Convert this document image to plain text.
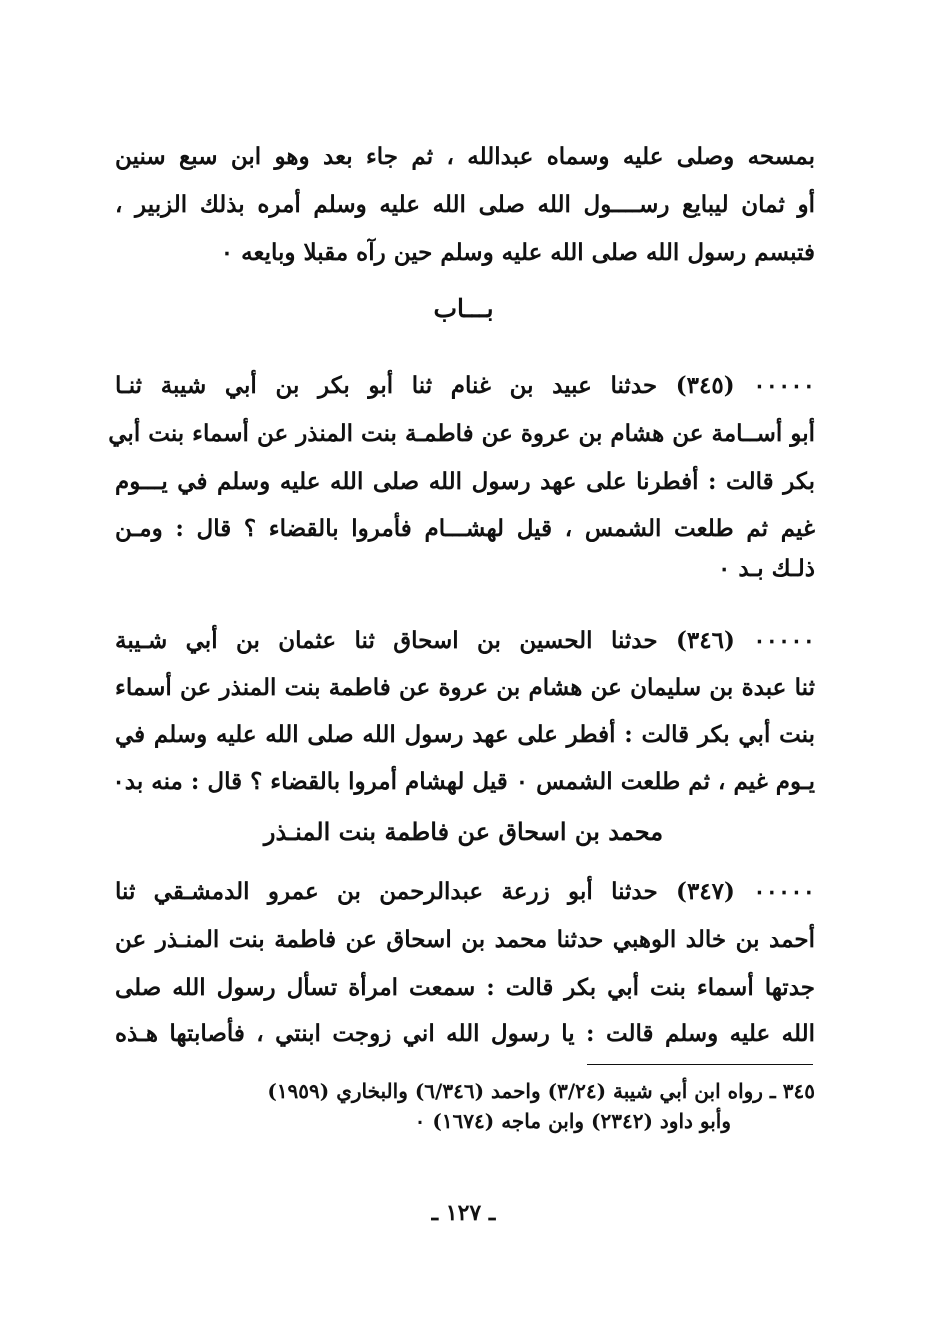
بمسحه وصلى عليه وسماه عبدالله ، ثم جاء بعد وهو ابن سبع سنين
أو ثمان ليبايع رســــول الله صلى الله عليه وسلم أمره بذلك الزبير ،
فتبسم رسول الله صلى الله عليه وسلم حين رآه مقبلا وبايعه ٠
بـــاب
٠٠٠٠٠ (٣٤٥) حدثنا عبيد بن غنام ثنا أبو بكر بن أبي شيبة ثنـا
أبو أســامة عن هشام بن عروة عن فاطمـة بنت المنذر عن أسماء بنت أبي
بكر قالت : أفطرنا على عهد رسول الله صلى الله عليه وسلم في يـــوم
غيم ثم طلعت الشمس ، قيل لهشـــام فأمروا بالقضاء ؟ قال : ومـن
ذلـك بـد ٠
٠٠٠٠٠ (٣٤٦) حدثنا الحسين بن اسحاق ثنا عثمان بن أبي شـيبة
ثنا عبدة بن سليمان عن هشام بن عروة عن فاطمة بنت المنذر عن أسماء
بنت أبي بكر قالت : أفطر على عهد رسول الله صلى الله عليه وسلم في
يـوم غيم ، ثم طلعت الشمس ٠ قيل لهشام أمروا بالقضاء ؟ قال : منه بد٠
محمد بن اسحاق عن فاطمة بنت المنـذر
٠٠٠٠٠ (٣٤٧) حدثنا أبو زرعة عبدالرحمن بن عمرو الدمشـقي ثنا
أحمد بن خالد الوهبي حدثنا محمد بن اسحاق عن فاطمة بنت المنـذر عن
جدتها أسماء بنت أبي بكر قالت : سمعت امرأة تسأل رسول الله صلى
الله عليه وسلم قالت : يا رسول الله اني زوجت ابنتي ، فأصابتها هـذه
٣٤٥ ـ رواه ابن أبي شيبة (٣/٢٤) واحمد (٦/٣٤٦) والبخاري (١٩٥٩)
وأبو داود (٢٣٤٢) وابن ماجه (١٦٧٤) ٠
ـ ١٢٧ ـ
